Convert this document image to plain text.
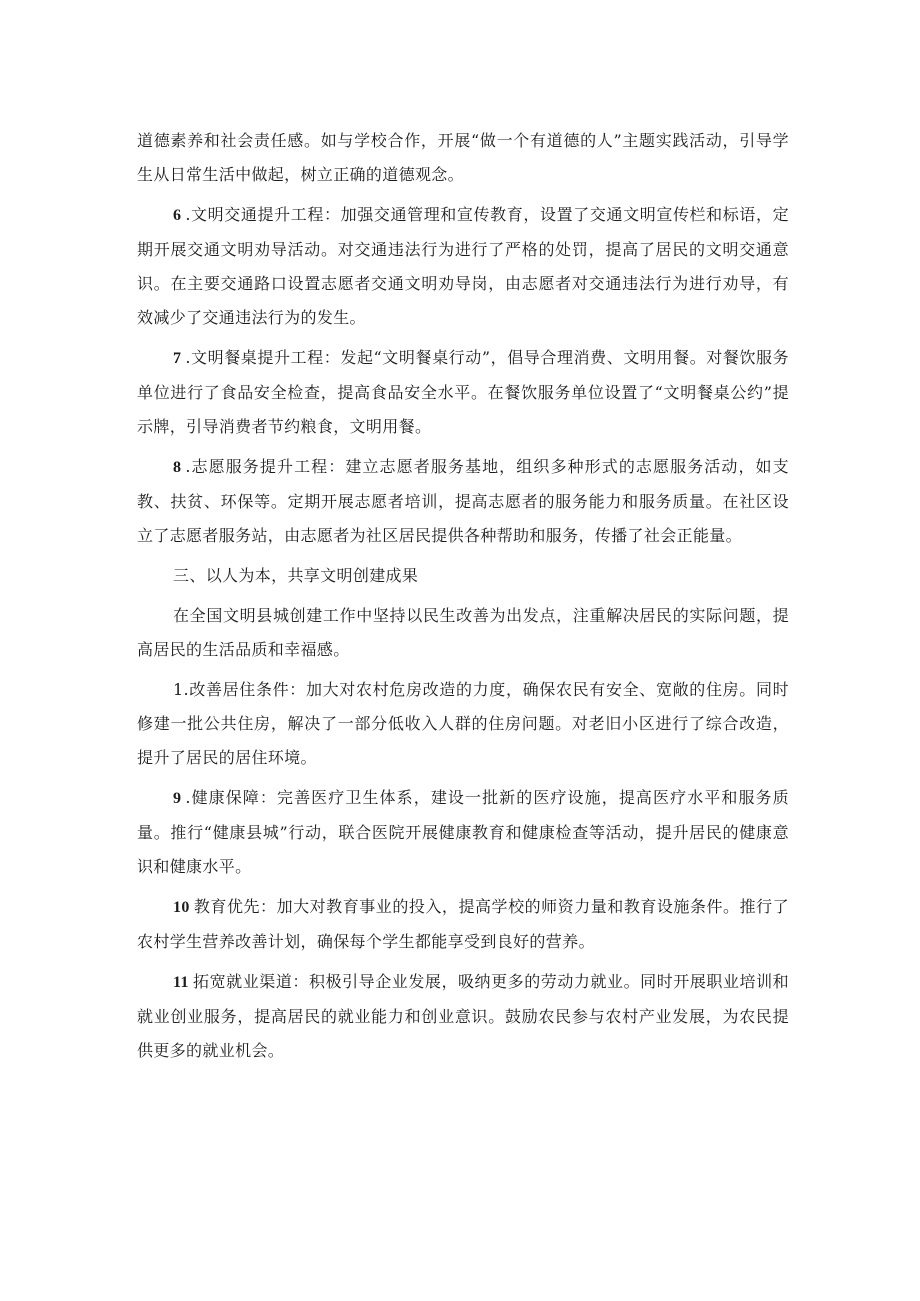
道德素养和社会责任感。如与学校合作，开展“做一个有道德的人”主题实践活动，引导学生从日常生活中做起，树立正确的道德观念。

6 .文明交通提升工程：加强交通管理和宣传教育，设置了交通文明宣传栏和标语，定期开展交通文明劝导活动。对交通违法行为进行了严格的处罚，提高了居民的文明交通意识。在主要交通路口设置志愿者交通文明劝导岗，由志愿者对交通违法行为进行劝导，有效减少了交通违法行为的发生。

7 .文明餐桌提升工程：发起“文明餐桌行动”，倡导合理消费、文明用餐。对餐饮服务单位进行了食品安全检查，提高食品安全水平。在餐饮服务单位设置了“文明餐桌公约”提示牌，引导消费者节约粮食，文明用餐。

8 .志愿服务提升工程：建立志愿者服务基地，组织多种形式的志愿服务活动，如支教、扶贫、环保等。定期开展志愿者培训，提高志愿者的服务能力和服务质量。在社区设立了志愿者服务站，由志愿者为社区居民提供各种帮助和服务，传播了社会正能量。

三、以人为本，共享文明创建成果

在全国文明县城创建工作中坚持以民生改善为出发点，注重解决居民的实际问题，提高居民的生活品质和幸福感。

1.改善居住条件：加大对农村危房改造的力度，确保农民有安全、宽敞的住房。同时修建一批公共住房，解决了一部分低收入人群的住房问题。对老旧小区进行了综合改造，提升了居民的居住环境。

9 .健康保障：完善医疗卫生体系，建设一批新的医疗设施，提高医疗水平和服务质量。推行“健康县城”行动，联合医院开展健康教育和健康检查等活动，提升居民的健康意识和健康水平。

10 教育优先：加大对教育事业的投入，提高学校的师资力量和教育设施条件。推行了农村学生营养改善计划，确保每个学生都能享受到良好的营养。

11 拓宽就业渠道：积极引导企业发展，吸纳更多的劳动力就业。同时开展职业培训和就业创业服务，提高居民的就业能力和创业意识。鼓励农民参与农村产业发展，为农民提供更多的就业机会。
